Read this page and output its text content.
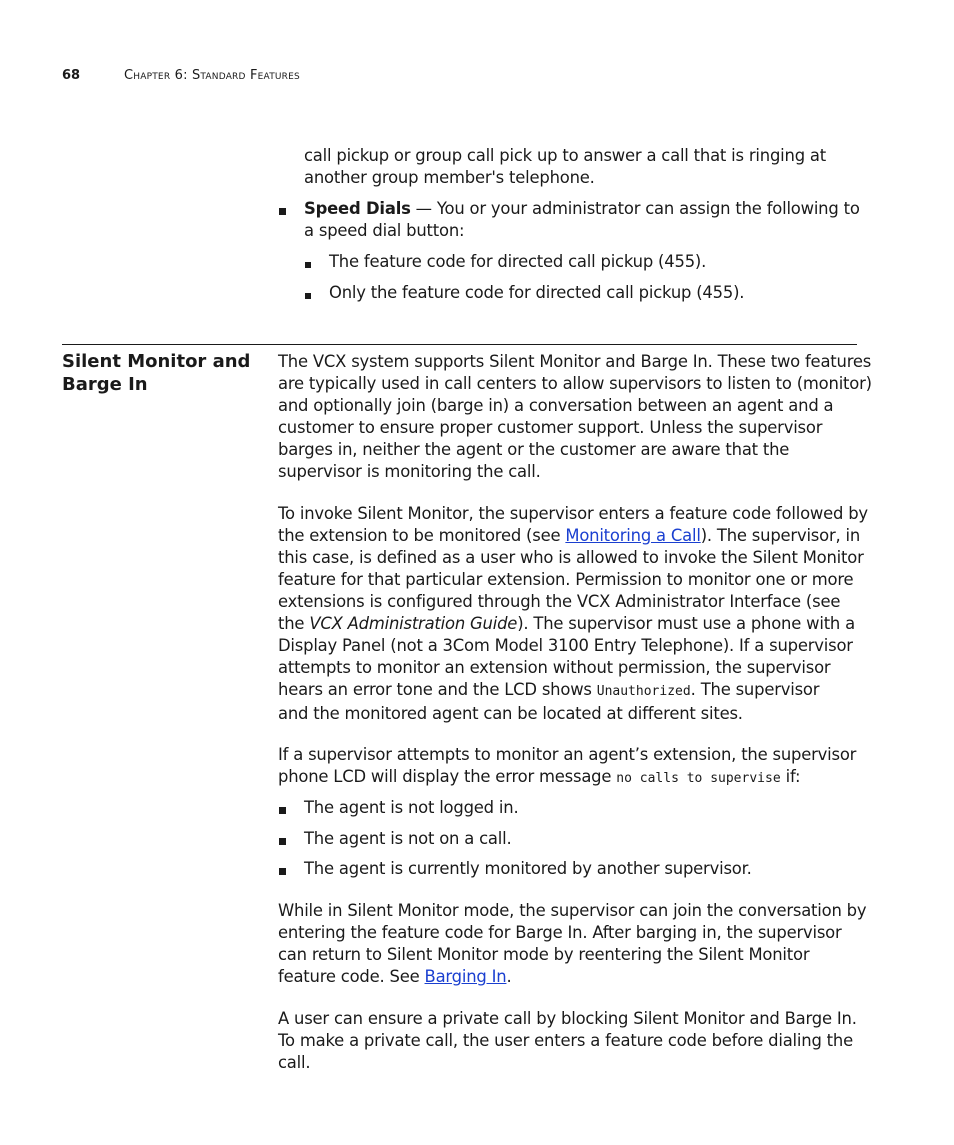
68	Chapter 6: Standard Features

call pickup or group call pick up to answer a call that is ringing at
another group member's telephone.

Speed Dials — You or your administrator can assign the following to
a speed dial button:

The feature code for directed call pickup (455).

Only the feature code for directed call pickup (455).

Silent Monitor and
Barge In

The VCX system supports Silent Monitor and Barge In. These two features
are typically used in call centers to allow supervisors to listen to (monitor)
and optionally join (barge in) a conversation between an agent and a
customer to ensure proper customer support. Unless the supervisor
barges in, neither the agent or the customer are aware that the
supervisor is monitoring the call.

To invoke Silent Monitor, the supervisor enters a feature code followed by
the extension to be monitored (see Monitoring a Call). The supervisor, in
this case, is defined as a user who is allowed to invoke the Silent Monitor
feature for that particular extension. Permission to monitor one or more
extensions is configured through the VCX Administrator Interface (see
the VCX Administration Guide). The supervisor must use a phone with a
Display Panel (not a 3Com Model 3100 Entry Telephone). If a supervisor
attempts to monitor an extension without permission, the supervisor
hears an error tone and the LCD shows Unauthorized. The supervisor
and the monitored agent can be located at different sites.

If a supervisor attempts to monitor an agent’s extension, the supervisor
phone LCD will display the error message no calls to supervise if:

The agent is not logged in.

The agent is not on a call.

The agent is currently monitored by another supervisor.

While in Silent Monitor mode, the supervisor can join the conversation by
entering the feature code for Barge In. After barging in, the supervisor
can return to Silent Monitor mode by reentering the Silent Monitor
feature code. See Barging In.

A user can ensure a private call by blocking Silent Monitor and Barge In.
To make a private call, the user enters a feature code before dialing the
call.
